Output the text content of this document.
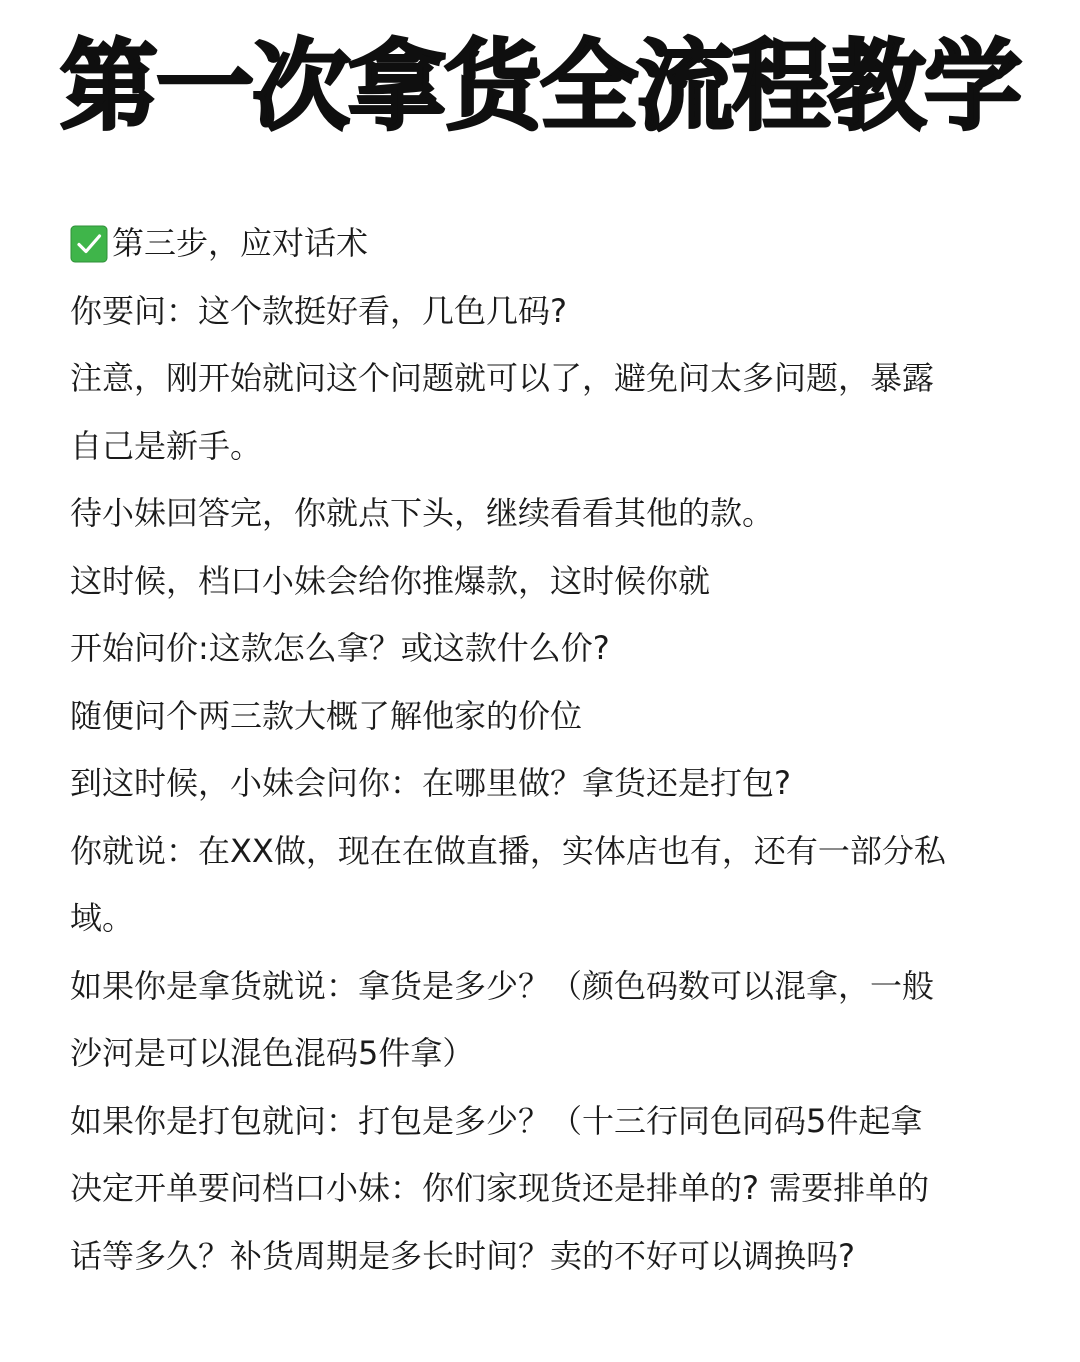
第一次拿货全流程教学
第三步，应对话术
你要问：这个款挺好看，几色几码?
注意，刚开始就问这个问题就可以了，避免问太多问题，暴露
自己是新手。
待小妹回答完，你就点下头，继续看看其他的款。
这时候，档口小妹会给你推爆款，这时候你就
开始问价:这款怎么拿？或这款什么价?
随便问个两三款大概了解他家的价位
到这时候，小妹会问你：在哪里做？拿货还是打包?
你就说：在XX做，现在在做直播，实体店也有，还有一部分私
域。
如果你是拿货就说：拿货是多少？（颜色码数可以混拿，一般
沙河是可以混色混码5件拿）
如果你是打包就问：打包是多少？（十三行同色同码5件起拿
决定开单要问档口小妹：你们家现货还是排单的? 需要排单的
话等多久？补货周期是多长时间？卖的不好可以调换吗?
